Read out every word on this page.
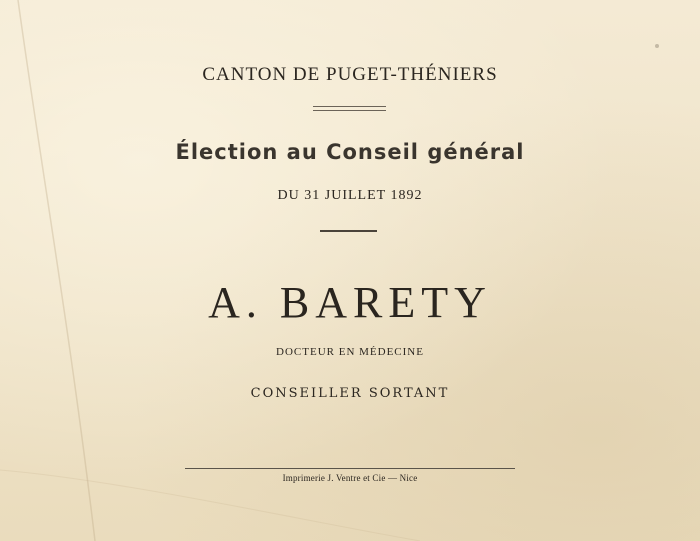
CANTON DE PUGET-THÉNIERS
Élection au Conseil général
DU 31 JUILLET 1892
A. BARETY
DOCTEUR EN MÉDECINE
CONSEILLER SORTANT
Imprimerie J. Ventre et Cie — Nice
